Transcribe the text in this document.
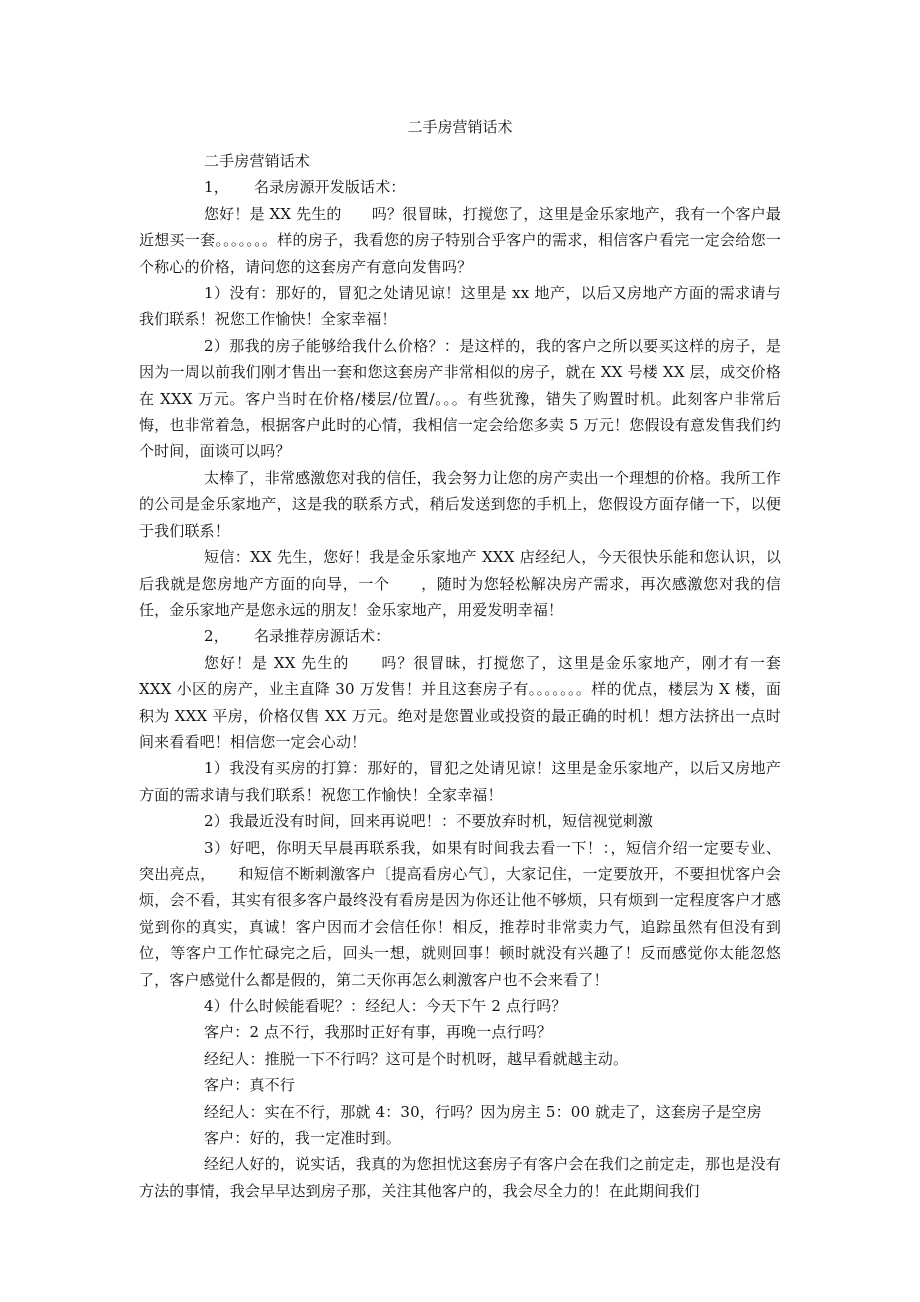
二手房营销话术

二手房营销话术

1， 名录房源开发版话术：

您好！是 XX 先生的　　吗？很冒昧，打搅您了，这里是金乐家地产，我有一个客户最近想买一套。。。。。。。样的房子，我看您的房子特别合乎客户的需求，相信客户看完一定会给您一个称心的价格，请问您的这套房产有意向发售吗？

1）没有：那好的，冒犯之处请见谅！这里是 xx 地产，以后又房地产方面的需求请与我们联系！祝您工作愉快！全家幸福！

2）那我的房子能够给我什么价格？：是这样的，我的客户之所以要买这样的房子，是因为一周以前我们刚才售出一套和您这套房产非常相似的房子，就在 XX 号楼 XX 层，成交价格在 XXX 万元。客户当时在价格/楼层/位置/。。。有些犹豫，错失了购置时机。此刻客户非常后悔，也非常着急，根据客户此时的心情，我相信一定会给您多卖 5 万元！您假设有意发售我们约个时间，面谈可以吗？

太棒了，非常感激您对我的信任，我会努力让您的房产卖出一个理想的价格。我所工作的公司是金乐家地产，这是我的联系方式，稍后发送到您的手机上，您假设方面存储一下，以便于我们联系！

短信：XX 先生，您好！我是金乐家地产 XXX 店经纪人，今天很快乐能和您认识，以后我就是您房地产方面的向导，一个　　，随时为您轻松解决房产需求，再次感激您对我的信任，金乐家地产是您永远的朋友！金乐家地产，用爱发明幸福！

2， 名录推荐房源话术：

您好！是 XX 先生的　　吗？很冒昧，打搅您了，这里是金乐家地产，刚才有一套 XXX 小区的房产，业主直降 30 万发售！并且这套房子有。。。。。。。样的优点，楼层为 X 楼，面积为 XXX 平房，价格仅售 XX 万元。绝对是您置业或投资的最正确的时机！想方法挤出一点时间来看看吧！相信您一定会心动！

1）我没有买房的打算：那好的，冒犯之处请见谅！这里是金乐家地产，以后又房地产方面的需求请与我们联系！祝您工作愉快！全家幸福！

2）我最近没有时间，回来再说吧！：不要放弃时机，短信视觉刺激

3）好吧，你明天早晨再联系我，如果有时间我去看一下！：，短信介绍一定要专业、突出亮点，　　和短信不断刺激客户〔提高看房心气〕，大家记住，一定要放开，不要担忧客户会烦，会不看，其实有很多客户最终没有看房是因为你还让他不够烦，只有烦到一定程度客户才感觉到你的真实，真诚！客户因而才会信任你！相反，推荐时非常卖力气，追踪虽然有但没有到位，等客户工作忙碌完之后，回头一想，就则回事！顿时就没有兴趣了！反而感觉你太能忽悠了，客户感觉什么都是假的，第二天你再怎么刺激客户也不会来看了！

4）什么时候能看呢？：经纪人：今天下午 2 点行吗？

客户：2 点不行，我那时正好有事，再晚一点行吗？

经纪人：推脱一下不行吗？这可是个时机呀，越早看就越主动。

客户：真不行

经纪人：实在不行，那就 4：30，行吗？因为房主 5：00 就走了，这套房子是空房

客户：好的，我一定准时到。

经纪人好的，说实话，我真的为您担忧这套房子有客户会在我们之前定走，那也是没有方法的事情，我会早早达到房子那，关注其他客户的，我会尽全力的！在此期间我们
